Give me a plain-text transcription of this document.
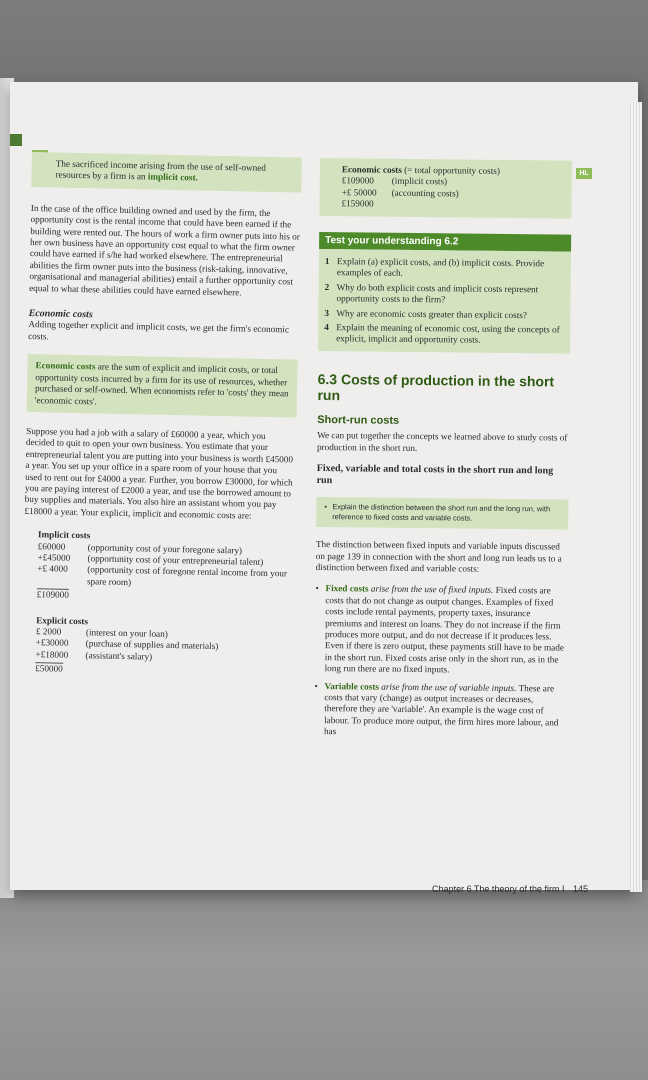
HL
The sacrificed income arising from the use of self-owned resources by a firm is an implicit cost.

In the case of the office building owned and used by the firm, the opportunity cost is the rental income that could have been earned if the building were rented out. The hours of work a firm owner puts into his or her own business have an opportunity cost equal to what the firm owner could have earned if s/he had worked elsewhere. The entrepreneurial abilities the firm owner puts into the business (risk-taking, innovative, organisational and managerial abilities) entail a further opportunity cost equal to what these abilities could have earned elsewhere.

Economic costs

Adding together explicit and implicit costs, we get the firm's economic costs.

Economic costs are the sum of explicit and implicit costs, or total opportunity costs incurred by a firm for its use of resources, whether purchased or self-owned. When economists refer to 'costs' they mean 'economic costs'.

Suppose you had a job with a salary of £60000 a year, which you decided to quit to open your own business. You estimate that your entrepreneurial talent you are putting into your business is worth £45000 a year. You set up your office in a spare room of your house that you used to rent out for £4000 a year. Further, you borrow £30000, for which you are paying interest of £2000 a year, and use the borrowed amount to buy supplies and materials. You also hire an assistant whom you pay £18000 a year. Your explicit, implicit and economic costs are:

Implicit costs
£60000	(opportunity cost of your foregone salary)
+£45000	(opportunity cost of your entrepreneurial talent)
+£ 4000	(opportunity cost of foregone rental income from your spare room)
£109000
Explicit costs
£ 2000	(interest on your loan)
+£30000	(purchase of supplies and materials)
+£18000	(assistant's salary)
£50000
Economic costs (= total opportunity costs)
£109000	(implicit costs)
+£ 50000	(accounting costs)
£159000
Test your understanding 6.2
1 Explain (a) explicit costs, and (b) implicit costs. Provide examples of each.
2 Why do both explicit costs and implicit costs represent opportunity costs to the firm?
3 Why are economic costs greater than explicit costs?
4 Explain the meaning of economic cost, using the concepts of explicit, implicit and opportunity costs.
6.3 Costs of production in the short run
Short-run costs

We can put together the concepts we learned above to study costs of production in the short run.

Fixed, variable and total costs in the short run and long run
• Explain the distinction between the short run and the long run, with reference to fixed costs and variable costs.

The distinction between fixed inputs and variable inputs discussed on page 139 in connection with the short and long run leads us to a distinction between fixed and variable costs:

• Fixed costs arise from the use of fixed inputs. Fixed costs are costs that do not change as output changes. Examples of fixed costs include rental payments, property taxes, insurance premiums and interest on loans. They do not increase if the firm produces more output, and do not decrease if it produces less. Even if there is zero output, these payments still have to be made in the short run. Fixed costs arise only in the short run, as in the long run there are no fixed inputs.
• Variable costs arise from the use of variable inputs. These are costs that vary (change) as output increases or decreases, therefore they are 'variable'. An example is the wage cost of labour. To produce more output, the firm hires more labour, and has
Chapter 6 The theory of the firm I 145
